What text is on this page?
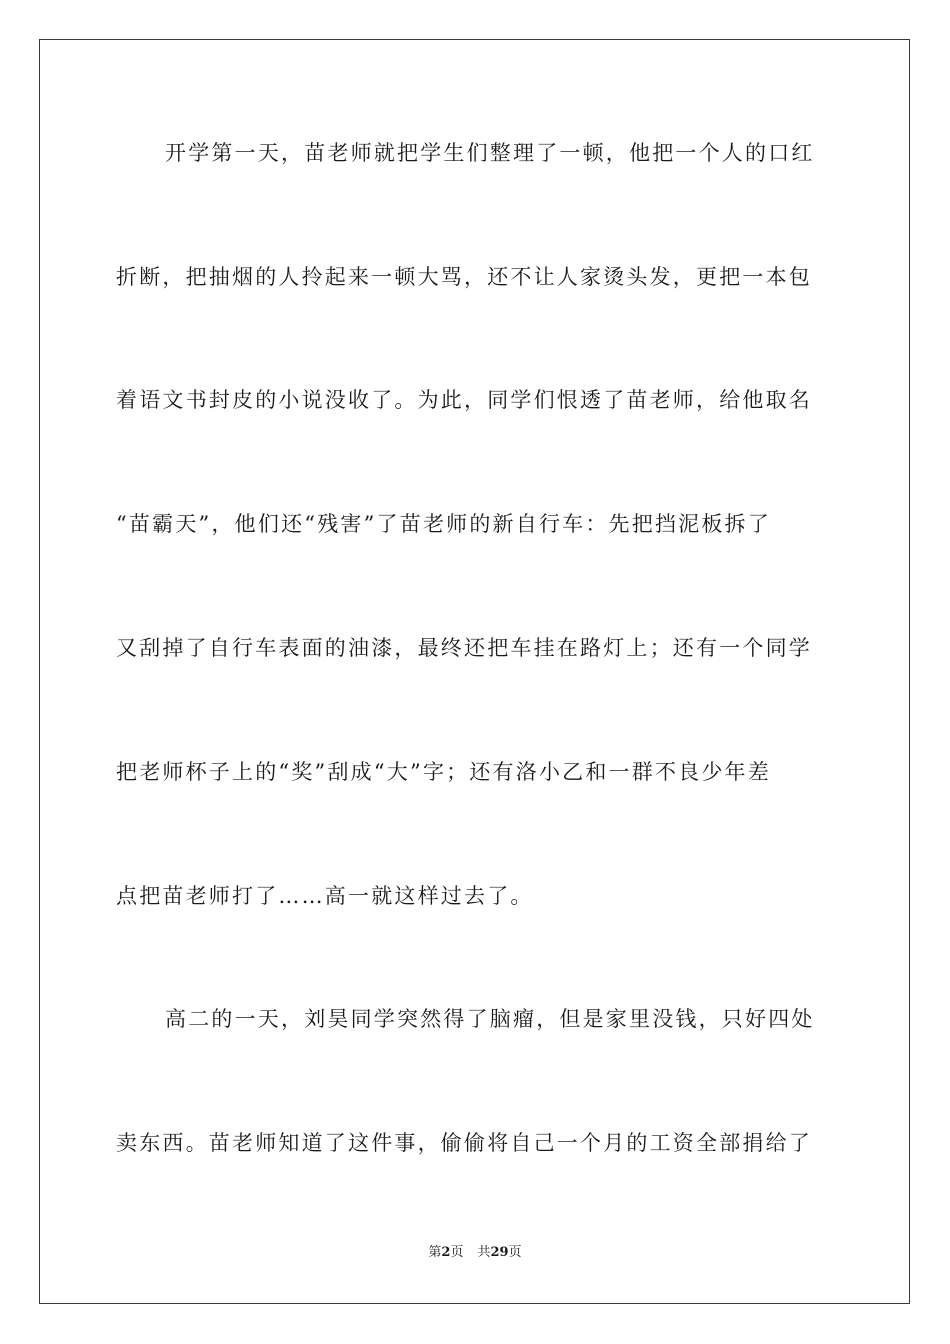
开学第一天，苗老师就把学生们整理了一顿，他把一个人的口红
折断，把抽烟的人拎起来一顿大骂，还不让人家烫头发，更把一本包
着语文书封皮的小说没收了。为此，同学们恨透了苗老师，给他取名
“苗霸天”，他们还“残害”了苗老师的新自行车：先把挡泥板拆了
又刮掉了自行车表面的油漆，最终还把车挂在路灯上；还有一个同学
把老师杯子上的“奖”刮成“大”字；还有洛小乙和一群不良少年差
点把苗老师打了……高一就这样过去了。
高二的一天，刘昊同学突然得了脑瘤，但是家里没钱，只好四处
卖东西。苗老师知道了这件事，偷偷将自己一个月的工资全部捐给了
第2页 共29页
